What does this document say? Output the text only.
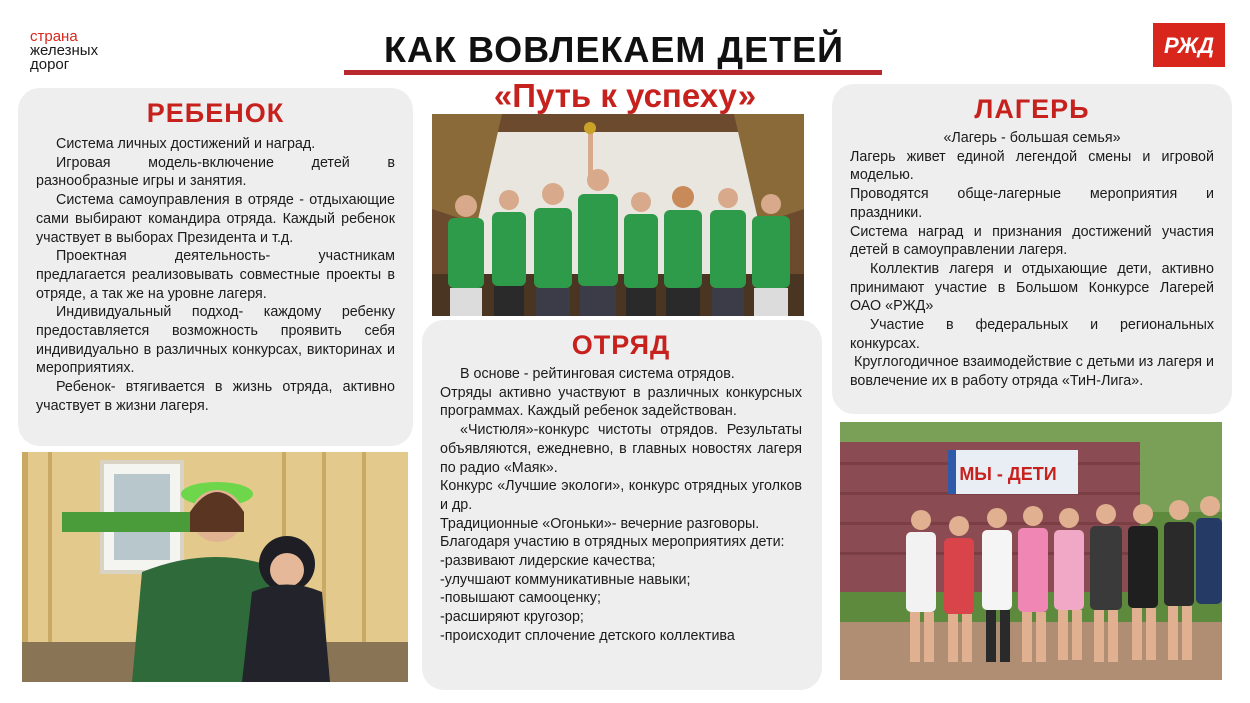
страна
железных
дорог
РЖД
КАК ВОВЛЕКАЕМ ДЕТЕЙ
«Путь к успеху»
РЕБЕНОК

Система личных достижений и наград.

Игровая модель-включение детей в разнообразные игры и занятия.

Система самоуправления в отряде - отдыхающие сами выбирают командира отряда. Каждый ребенок участвует в выборах Президента и т.д.

Проектная деятельность- участникам предлагается реализовывать совместные проекты в отряде, а так же на уровне лагеря.

Индивидуальный подход- каждому ребенку предоставляется возможность проявить себя индивидуально в различных конкурсах, викторинах и мероприятиях.

Ребенок- втягивается в жизнь отряда, активно участвует в жизни лагеря.

ОТРЯД

В основе - рейтинговая система отрядов.

Отряды активно участвуют в различных конкурсных программах. Каждый ребенок задействован.

«Чистюля»-конкурс чистоты отрядов. Результаты объявляются, ежедневно, в главных новостях лагеря по радио «Маяк».

Конкурс «Лучшие экологи», конкурс отрядных уголков и др.

Традиционные «Огоньки»- вечерние разговоры.

Благодаря участию в отрядных мероприятиях дети:

-развивают лидерские качества;

-улучшают коммуникативные навыки;

-повышают самооценку;

-расширяют кругозор;

-происходит сплочение детского коллектива

ЛАГЕРЬ

«Лагерь - большая семья»

Лагерь живет единой легендой смены и игровой моделью.

Проводятся обще-лагерные мероприятия и праздники.

Система наград и признания достижений участия детей в самоуправлении лагеря.

Коллектив лагеря и отдыхающие дети, активно принимают участие в Большом Конкурсе Лагерей ОАО «РЖД»

Участие в федеральных и региональных конкурсах.

Круглогодичное взаимодействие с детьми из лагеря и вовлечение их в работу отряда «ТиН-Лига».

МЫ - ДЕТИ
